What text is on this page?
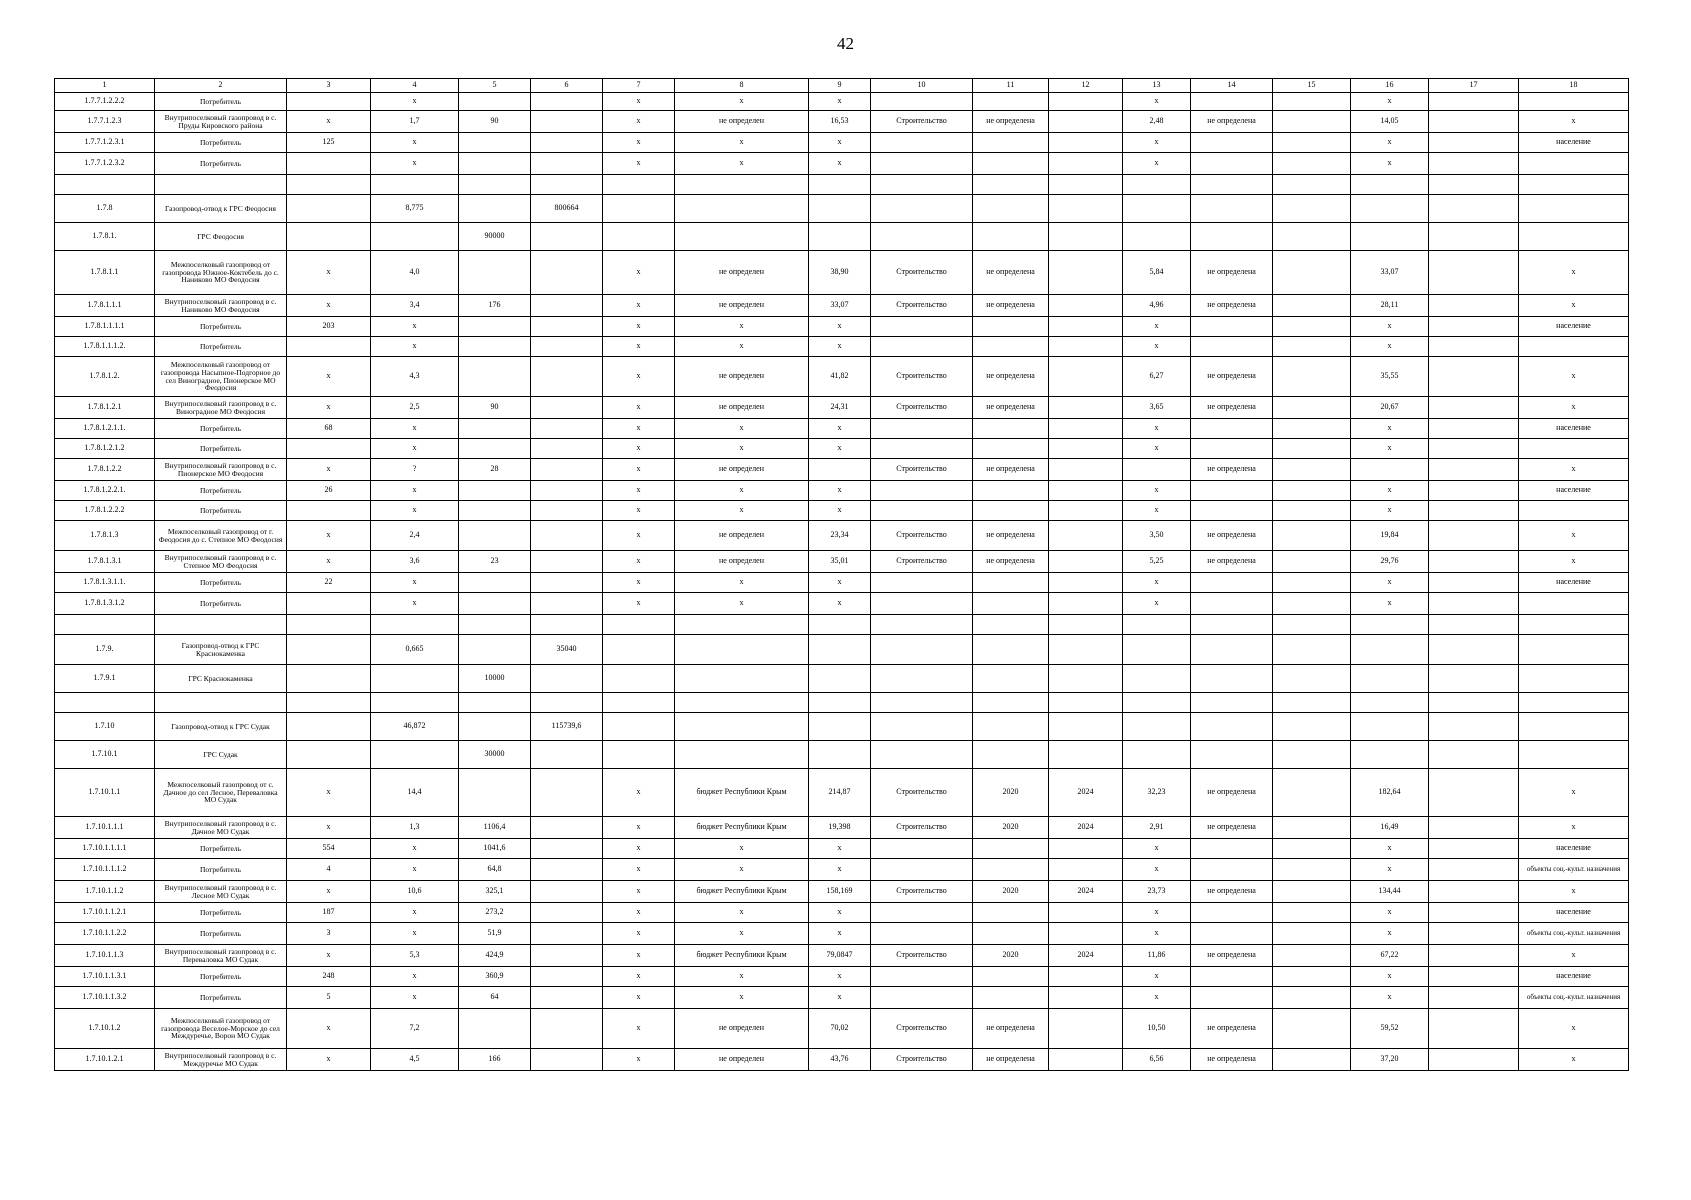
42
1	2	3	4	5	6	7	8	9	10	11	12	13	14	15	16	17	18
1.7.7.1.2.2.2	Потребитель		x			x	x	x				x			x		
1.7.7.1.2.3	Внутрипоселковый газопровод в с. Пруды Кировского района	x	1,7	90		x	не определен	16,53	Строительство	не определена		2,48	не определена		14,05		x
1.7.7.1.2.3.1	Потребитель	125	x			x	x	x				x			x		население
1.7.7.1.2.3.2	Потребитель		x			x	x	x				x			x		

1.7.8	Газопровод-отвод к ГРС Феодосия		8,775		800664												
1.7.8.1.	ГРС Феодосия			90000													
1.7.8.1.1	Межпоселковый газопровод от газопровода Южное-Коктебель до с. Наниково МО Феодосия	x	4,0			x	не определен	38,90	Строительство	не определена		5,84	не определена		33,07		x
1.7.8.1.1.1	Внутрипоселковый газопровод в с. Наниково МО Феодосия	x	3,4	176		x	не определен	33,07	Строительство	не определена		4,96	не определена		28,11		x
1.7.8.1.1.1.1	Потребитель	203	x			x	x	x				x			x		население
1.7.8.1.1.1.2.	Потребитель		x			x	x	x				x			x		
1.7.8.1.2.	Межпоселковый газопровод от газопровода Насыпное-Подгорное до сел Виноградное, Пионерское МО Феодосия	x	4,3			x	не определен	41,82	Строительство	не определена		6,27	не определена		35,55		x
1.7.8.1.2.1	Внутрипоселковый газопровод в с. Виноградное МО Феодосия	x	2,5	90		x	не определен	24,31	Строительство	не определена		3,65	не определена		20,67		x
1.7.8.1.2.1.1.	Потребитель	68	x			x	x	x				x			x		население
1.7.8.1.2.1.2	Потребитель		x			x	x	x				x			x		
1.7.8.1.2.2	Внутрипоселковый газопровод в с. Пионерское МО Феодосия	x	?	28		x	не определен		Строительство	не определена			не определена				x
1.7.8.1.2.2.1.	Потребитель	26	x			x	x	x				x			x		население
1.7.8.1.2.2.2	Потребитель		x			x	x	x				x			x		
1.7.8.1.3	Межпоселковый газопровод от г. Феодосия до с. Степное МО Феодосия	x	2,4			x	не определен	23,34	Строительство	не определена		3,50	не определена		19,84		x
1.7.8.1.3.1	Внутрипоселковый газопровод в с. Степное МО Феодосия	x	3,6	23		x	не определен	35,01	Строительство	не определена		5,25	не определена		29,76		x
1.7.8.1.3.1.1.	Потребитель	22	x			x	x	x				x			x		население
1.7.8.1.3.1.2	Потребитель		x			x	x	x				x			x		

1.7.9.	Газопровод-отвод к ГРС Краснокаменка		0,665		35040												
1.7.9.1	ГРС Краснокаменка			10000													

1.7.10	Газопровод-отвод к ГРС Судак		46,872		115739,6												
1.7.10.1	ГРС Судак			30000													
1.7.10.1.1	Межпоселковый газопровод от с. Дачное до сел Лесное, Переваловка МО Судак	x	14,4			x	бюджет Республики Крым	214,87	Строительство	2020	2024	32,23	не определена		182,64		x
1.7.10.1.1.1	Внутрипоселковый газопровод в с. Дачное МО Судак	x	1,3	1106,4		x	бюджет Республики Крым	19,398	Строительство	2020	2024	2,91	не определена		16,49		x
1.7.10.1.1.1.1	Потребитель	554	x	1041,6		x	x	x				x			x		население
1.7.10.1.1.1.2	Потребитель	4	x	64,8		x	x	x				x			x		объекты соц.-культ. назначения
1.7.10.1.1.2	Внутрипоселковый газопровод в с. Лесное МО Судак	x	10,6	325,1		x	бюджет Республики Крым	158,169	Строительство	2020	2024	23,73	не определена		134,44		x
1.7.10.1.1.2.1	Потребитель	187	x	273,2		x	x	x				x			x		население
1.7.10.1.1.2.2	Потребитель	3	x	51,9		x	x	x				x			x		объекты соц.-культ. назначения
1.7.10.1.1.3	Внутрипоселковый газопровод в с. Переваловка МО Судак	x	5,3	424,9		x	бюджет Республики Крым	79,0847	Строительство	2020	2024	11,86	не определена		67,22		x
1.7.10.1.1.3.1	Потребитель	248	x	360,9		x	x	x				x			x		население
1.7.10.1.1.3.2	Потребитель	5	x	64		x	x	x				x			x		объекты соц.-культ. назначения
1.7.10.1.2	Межпоселковый газопровод от газопровода Веселое-Морское до сел Междуречье, Ворон МО Судак	x	7,2			x	не определен	70,02	Строительство	не определена		10,50	не определена		59,52		x
1.7.10.1.2.1	Внутрипоселковый газопровод в с. Междуречье МО Судак	x	4,5	166		x	не определен	43,76	Строительство	не определена		6,56	не определена		37,20		x
